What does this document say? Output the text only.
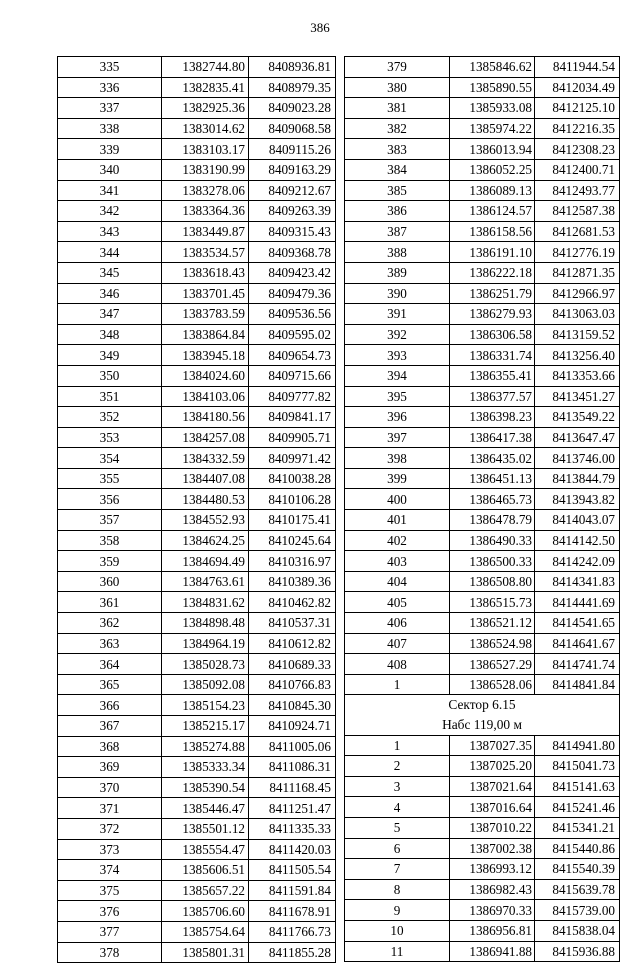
386
335	1382744.80	8408936.81
336	1382835.41	8408979.35
337	1382925.36	8409023.28
338	1383014.62	8409068.58
339	1383103.17	8409115.26
340	1383190.99	8409163.29
341	1383278.06	8409212.67
342	1383364.36	8409263.39
343	1383449.87	8409315.43
344	1383534.57	8409368.78
345	1383618.43	8409423.42
346	1383701.45	8409479.36
347	1383783.59	8409536.56
348	1383864.84	8409595.02
349	1383945.18	8409654.73
350	1384024.60	8409715.66
351	1384103.06	8409777.82
352	1384180.56	8409841.17
353	1384257.08	8409905.71
354	1384332.59	8409971.42
355	1384407.08	8410038.28
356	1384480.53	8410106.28
357	1384552.93	8410175.41
358	1384624.25	8410245.64
359	1384694.49	8410316.97
360	1384763.61	8410389.36
361	1384831.62	8410462.82
362	1384898.48	8410537.31
363	1384964.19	8410612.82
364	1385028.73	8410689.33
365	1385092.08	8410766.83
366	1385154.23	8410845.30
367	1385215.17	8410924.71
368	1385274.88	8411005.06
369	1385333.34	8411086.31
370	1385390.54	8411168.45
371	1385446.47	8411251.47
372	1385501.12	8411335.33
373	1385554.47	8411420.03
374	1385606.51	8411505.54
375	1385657.22	8411591.84
376	1385706.60	8411678.91
377	1385754.64	8411766.73
378	1385801.31	8411855.28
379	1385846.62	8411944.54
380	1385890.55	8412034.49
381	1385933.08	8412125.10
382	1385974.22	8412216.35
383	1386013.94	8412308.23
384	1386052.25	8412400.71
385	1386089.13	8412493.77
386	1386124.57	8412587.38
387	1386158.56	8412681.53
388	1386191.10	8412776.19
389	1386222.18	8412871.35
390	1386251.79	8412966.97
391	1386279.93	8413063.03
392	1386306.58	8413159.52
393	1386331.74	8413256.40
394	1386355.41	8413353.66
395	1386377.57	8413451.27
396	1386398.23	8413549.22
397	1386417.38	8413647.47
398	1386435.02	8413746.00
399	1386451.13	8413844.79
400	1386465.73	8413943.82
401	1386478.79	8414043.07
402	1386490.33	8414142.50
403	1386500.33	8414242.09
404	1386508.80	8414341.83
405	1386515.73	8414441.69
406	1386521.12	8414541.65
407	1386524.98	8414641.67
408	1386527.29	8414741.74
1	1386528.06	8414841.84
Сектор 6.15		
Набс 119,00 м		
1	1387027.35	8414941.80
2	1387025.20	8415041.73
3	1387021.64	8415141.63
4	1387016.64	8415241.46
5	1387010.22	8415341.21
6	1387002.38	8415440.86
7	1386993.12	8415540.39
8	1386982.43	8415639.78
9	1386970.33	8415739.00
10	1386956.81	8415838.04
11	1386941.88	8415936.88
